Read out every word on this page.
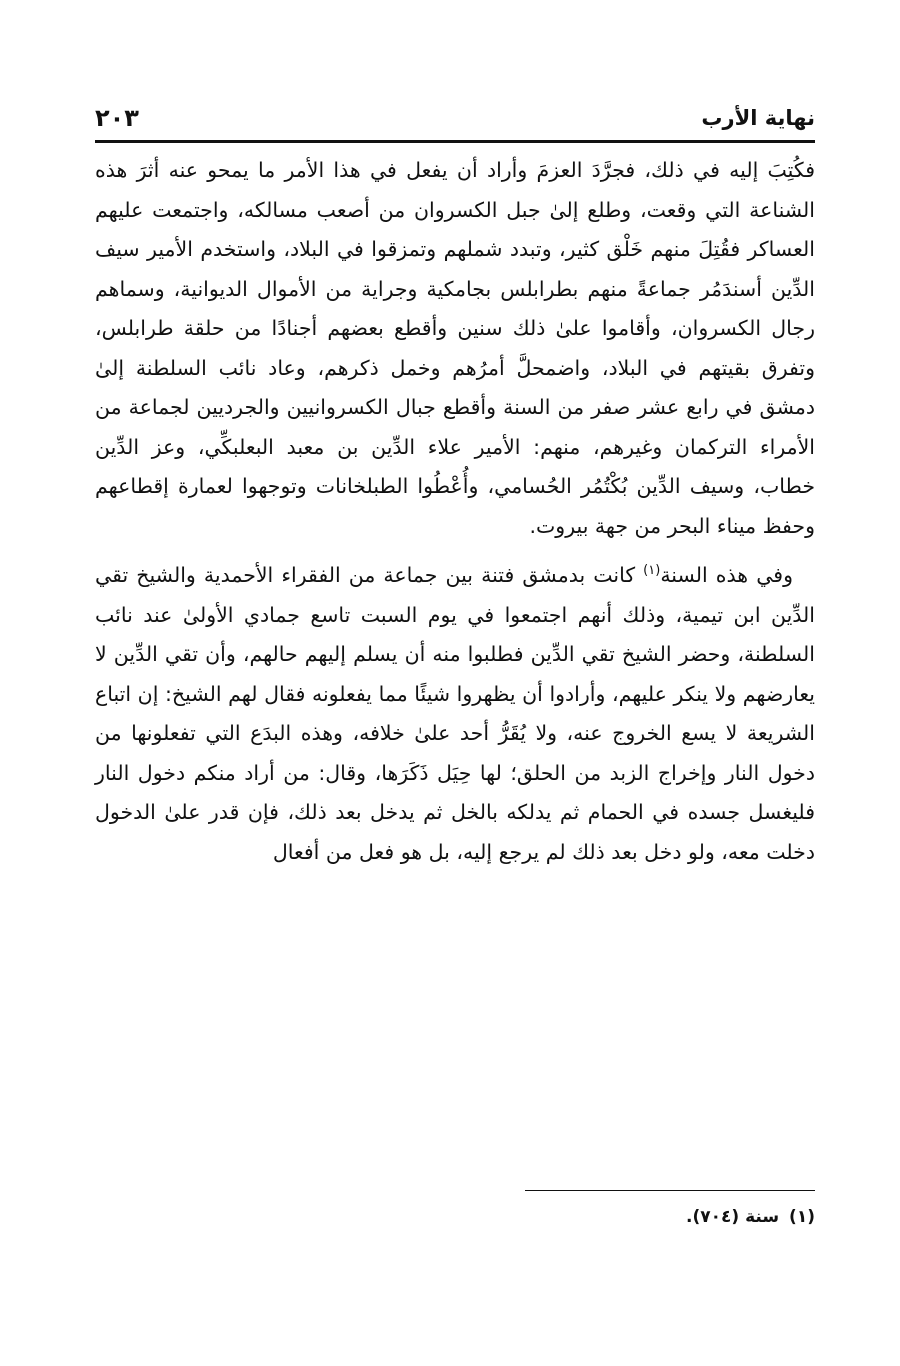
نهاية الأرب
٢٠٣

فكُتِبَ إليه في ذلك، فجرَّدَ العزمَ وأراد أن يفعل في هذا الأمر ما يمحو عنه أثرَ هذه الشناعة التي وقعت، وطلع إلىٰ جبل الكسروان من أصعب مسالكه، واجتمعت عليهم العساكر فقُتِلَ منهم خَلْق كثير، وتبدد شملهم وتمزقوا في البلاد، واستخدم الأمير سيف الدِّين أسندَمُر جماعةً منهم بطرابلس بجامكية وجراية من الأموال الديوانية، وسماهم رجال الكسروان، وأقاموا علىٰ ذلك سنين وأقطع بعضهم أجنادًا من حلقة طرابلس، وتفرق بقيتهم في البلاد، واضمحلَّ أمرُهم وخمل ذكرهم، وعاد نائب السلطنة إلىٰ دمشق في رابع عشر صفر من السنة وأقطع جبال الكسروانيين والجرديين لجماعة من الأمراء التركمان وغيرهم، منهم: الأمير علاء الدِّين بن معبد البعلبكِّي، وعز الدِّين خطاب، وسيف الدِّين بُكْتُمُر الحُسامي، وأُعْطُوا الطبلخانات وتوجهوا لعمارة إقطاعهم وحفظ ميناء البحر من جهة بيروت.

وفي هذه السنة$^{(١)}$ كانت بدمشق فتنة بين جماعة من الفقراء الأحمدية والشيخ تقي الدِّين ابن تيمية، وذلك أنهم اجتمعوا في يوم السبت تاسع جمادي الأولىٰ عند نائب السلطنة، وحضر الشيخ تقي الدِّين فطلبوا منه أن يسلم إليهم حالهم، وأن تقي الدِّين لا يعارضهم ولا ينكر عليهم، وأرادوا أن يظهروا شيئًا مما يفعلونه فقال لهم الشيخ: إن اتباع الشريعة لا يسع الخروج عنه، ولا يُقَرُّ أحد علىٰ خلافه، وهذه البدَع التي تفعلونها من دخول النار وإخراج الزبد من الحلق؛ لها حِيَل ذَكَرَها، وقال: من أراد منكم دخول النار فليغسل جسده في الحمام ثم يدلكه بالخل ثم يدخل بعد ذلك، فإن قدر علىٰ الدخول دخلت معه، ولو دخل بعد ذلك لم يرجع إليه، بل هو فعل من أفعال

(١)سنة (٧٠٤).
